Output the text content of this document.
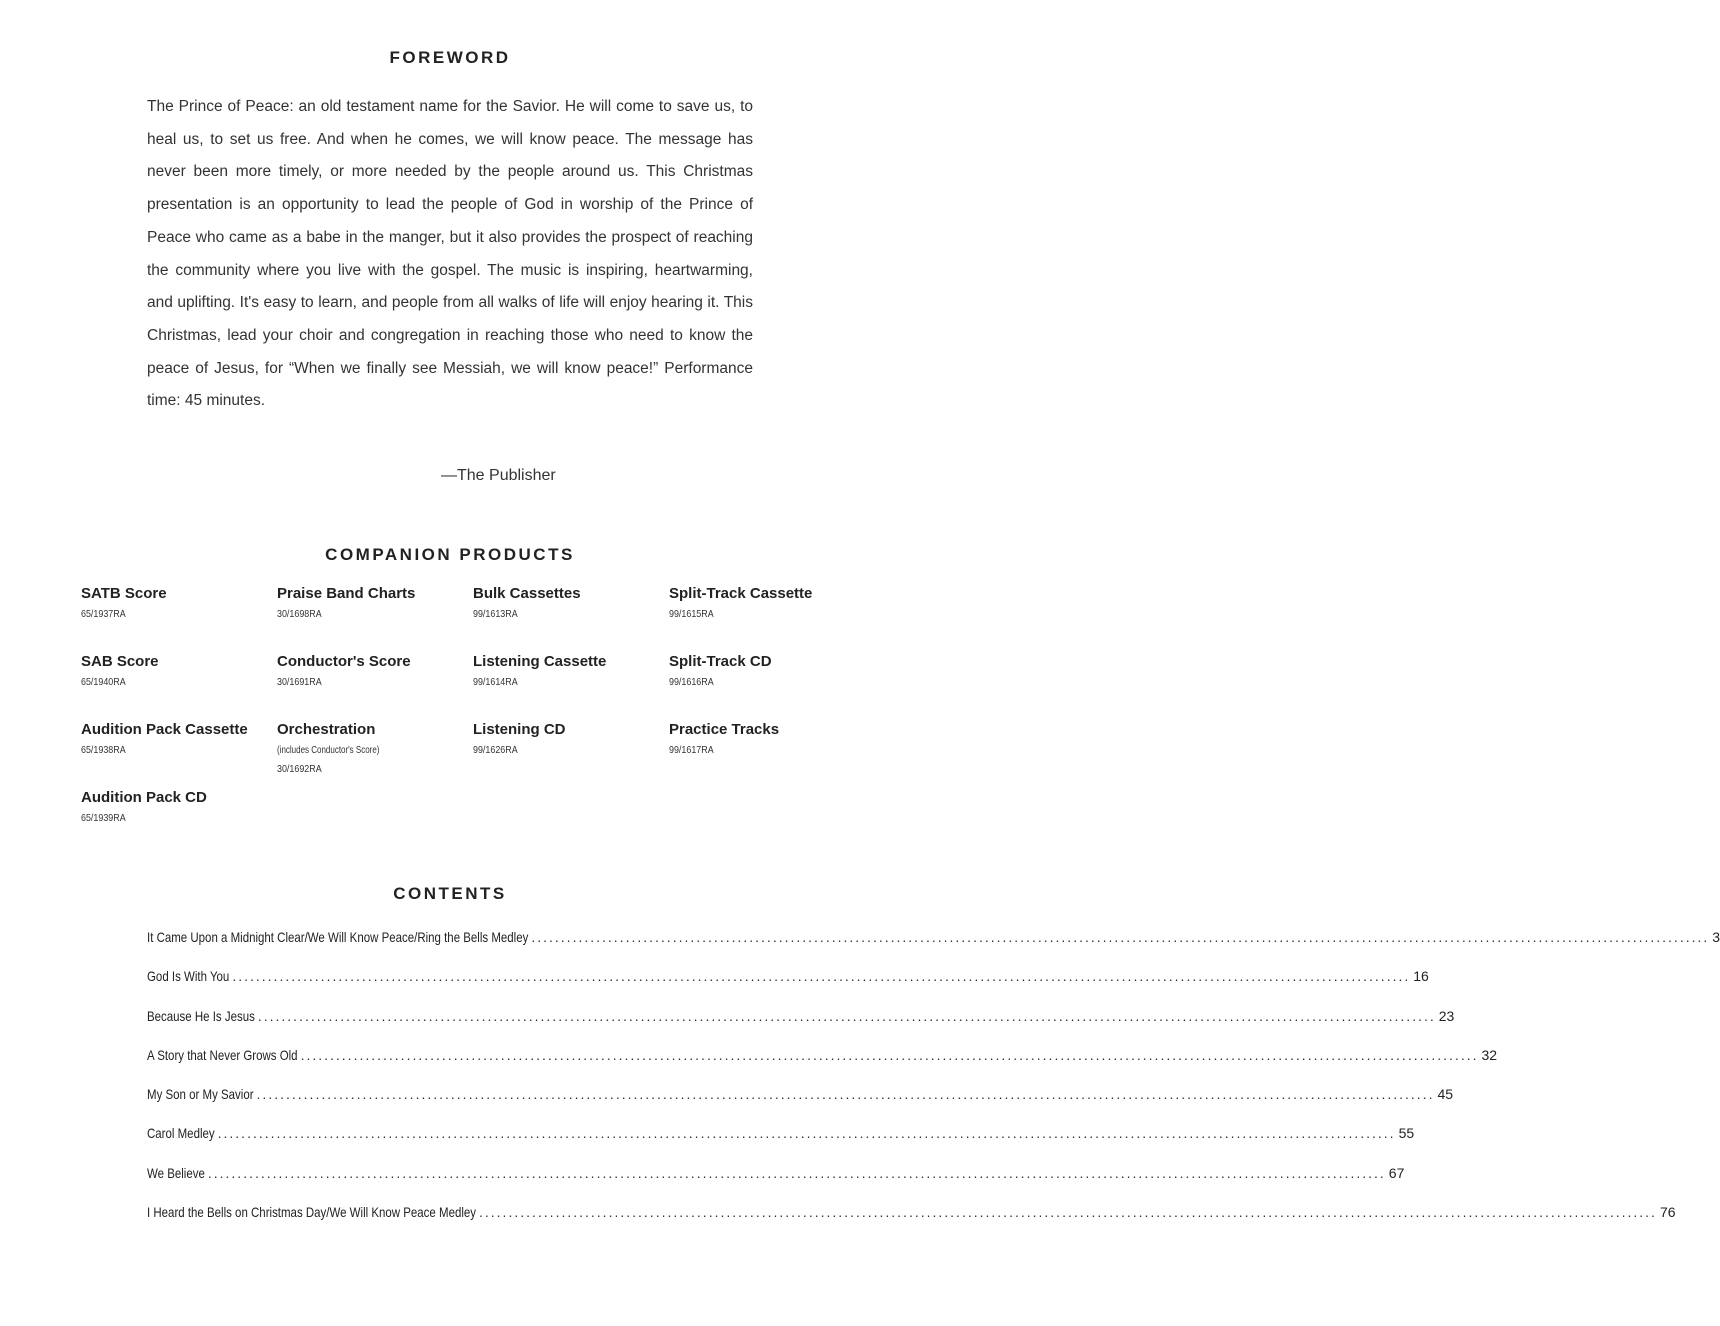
FOREWORD
The Prince of Peace: an old testament name for the Savior. He will come to save us, to heal us, to set us free. And when he comes, we will know peace. The message has never been more timely, or more needed by the people around us. This Christmas presentation is an opportunity to lead the people of God in worship of the Prince of Peace who came as a babe in the manger, but it also provides the prospect of reaching the community where you live with the gospel. The music is inspiring, heartwarming, and uplifting. It's easy to learn, and people from all walks of life will enjoy hearing it. This Christmas, lead your choir and congregation in reaching those who need to know the peace of Jesus, for “When we finally see Messiah, we will know peace!” Performance time: 45 minutes.
—The Publisher
COMPANION PRODUCTS
SATB Score
65/1937RA
Praise Band Charts
30/1698RA
Bulk Cassettes
99/1613RA
Split-Track Cassette
99/1615RA
SAB Score
65/1940RA
Conductor's Score
30/1691RA
Listening Cassette
99/1614RA
Split-Track CD
99/1616RA
Audition Pack Cassette
65/1938RA
Orchestration
(includes Conductor's Score)
30/1692RA
Listening CD
99/1626RA
Practice Tracks
99/1617RA
Audition Pack CD
65/1939RA
CONTENTS
It Came Upon a Midnight Clear/We Will Know Peace/Ring the Bells Medley ........................................................................................................................................................................................................ 3
God Is With You ........................................................................................................................................................................................................ 16
Because He Is Jesus ........................................................................................................................................................................................................ 23
A Story that Never Grows Old ........................................................................................................................................................................................................ 32
My Son or My Savior ........................................................................................................................................................................................................ 45
Carol Medley ........................................................................................................................................................................................................ 55
We Believe ........................................................................................................................................................................................................ 67
I Heard the Bells on Christmas Day/We Will Know Peace Medley ........................................................................................................................................................................................................ 76
